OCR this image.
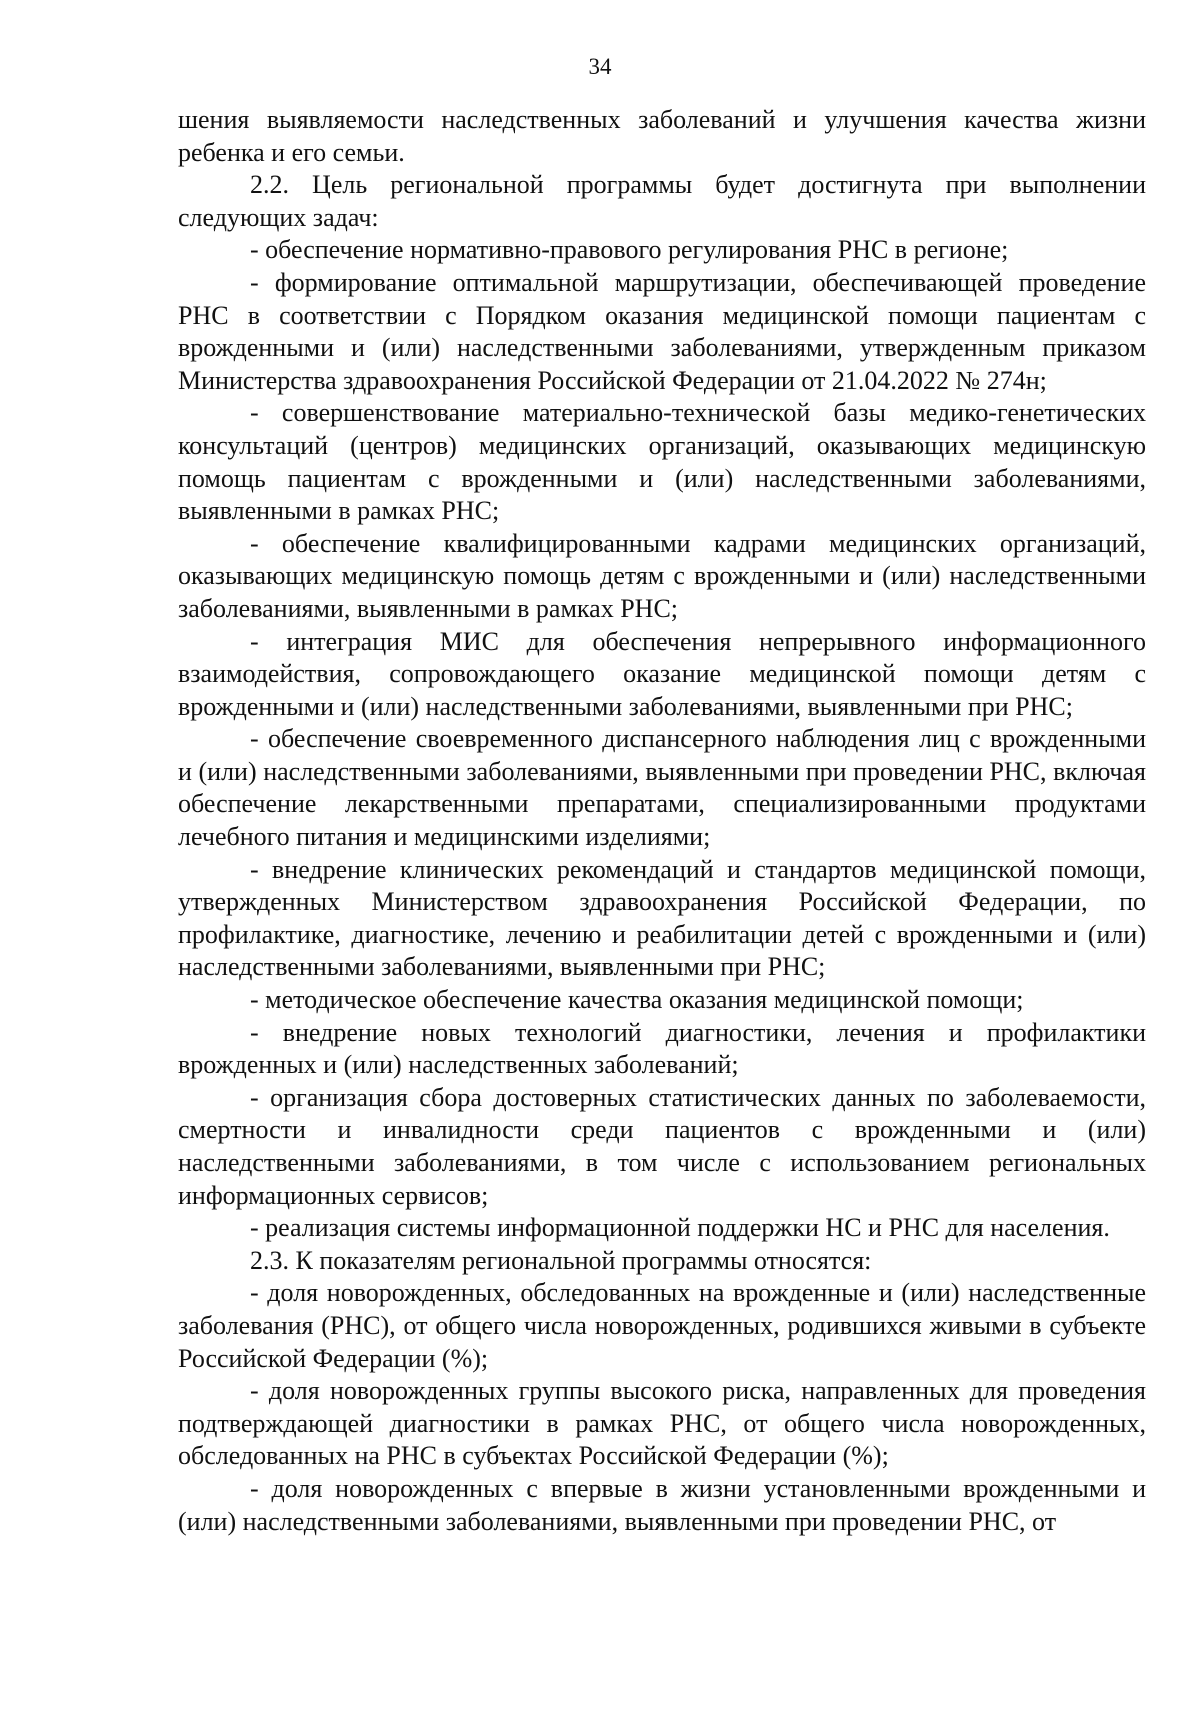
34

шения выявляемости наследственных заболеваний и улучшения качества жизни ребенка и его семьи.

2.2. Цель региональной программы будет достигнута при выполнении следующих задач:

- обеспечение нормативно-правового регулирования РНС в регионе;

- формирование оптимальной маршрутизации, обеспечивающей проведение РНС в соответствии с Порядком оказания медицинской помощи пациентам с врожденными и (или) наследственными заболеваниями, утвержденным приказом Министерства здравоохранения Российской Федерации от 21.04.2022 № 274н;

- совершенствование материально-технической базы медико-генетических консультаций (центров) медицинских организаций, оказывающих медицинскую помощь пациентам с врожденными и (или) наследственными заболеваниями, выявленными в рамках РНС;

- обеспечение квалифицированными кадрами медицинских организаций, оказывающих медицинскую помощь детям с врожденными и (или) наследственными заболеваниями, выявленными в рамках РНС;

- интеграция МИС для обеспечения непрерывного информационного взаимодействия, сопровождающего оказание медицинской помощи детям с врожденными и (или) наследственными заболеваниями, выявленными при РНС;

- обеспечение своевременного диспансерного наблюдения лиц с врожденными и (или) наследственными заболеваниями, выявленными при проведении РНС, включая обеспечение лекарственными препаратами, специализированными продуктами лечебного питания и медицинскими изделиями;

- внедрение клинических рекомендаций и стандартов медицинской помощи, утвержденных Министерством здравоохранения Российской Федерации, по профилактике, диагностике, лечению и реабилитации детей с врожденными и (или) наследственными заболеваниями, выявленными при РНС;

- методическое обеспечение качества оказания медицинской помощи;

- внедрение новых технологий диагностики, лечения и профилактики врожденных и (или) наследственных заболеваний;

- организация сбора достоверных статистических данных по заболеваемости, смертности и инвалидности среди пациентов с врожденными и (или) наследственными заболеваниями, в том числе с использованием региональных информационных сервисов;

- реализация системы информационной поддержки НС и РНС для населения.

2.3. К показателям региональной программы относятся:

- доля новорожденных, обследованных на врожденные и (или) наследственные заболевания (РНС), от общего числа новорожденных, родившихся живыми в субъекте Российской Федерации (%);

- доля новорожденных группы высокого риска, направленных для проведения подтверждающей диагностики в рамках РНС, от общего числа новорожденных, обследованных на РНС в субъектах Российской Федерации (%);

- доля новорожденных с впервые в жизни установленными врожденными и (или) наследственными заболеваниями, выявленными при проведении РНС, от
